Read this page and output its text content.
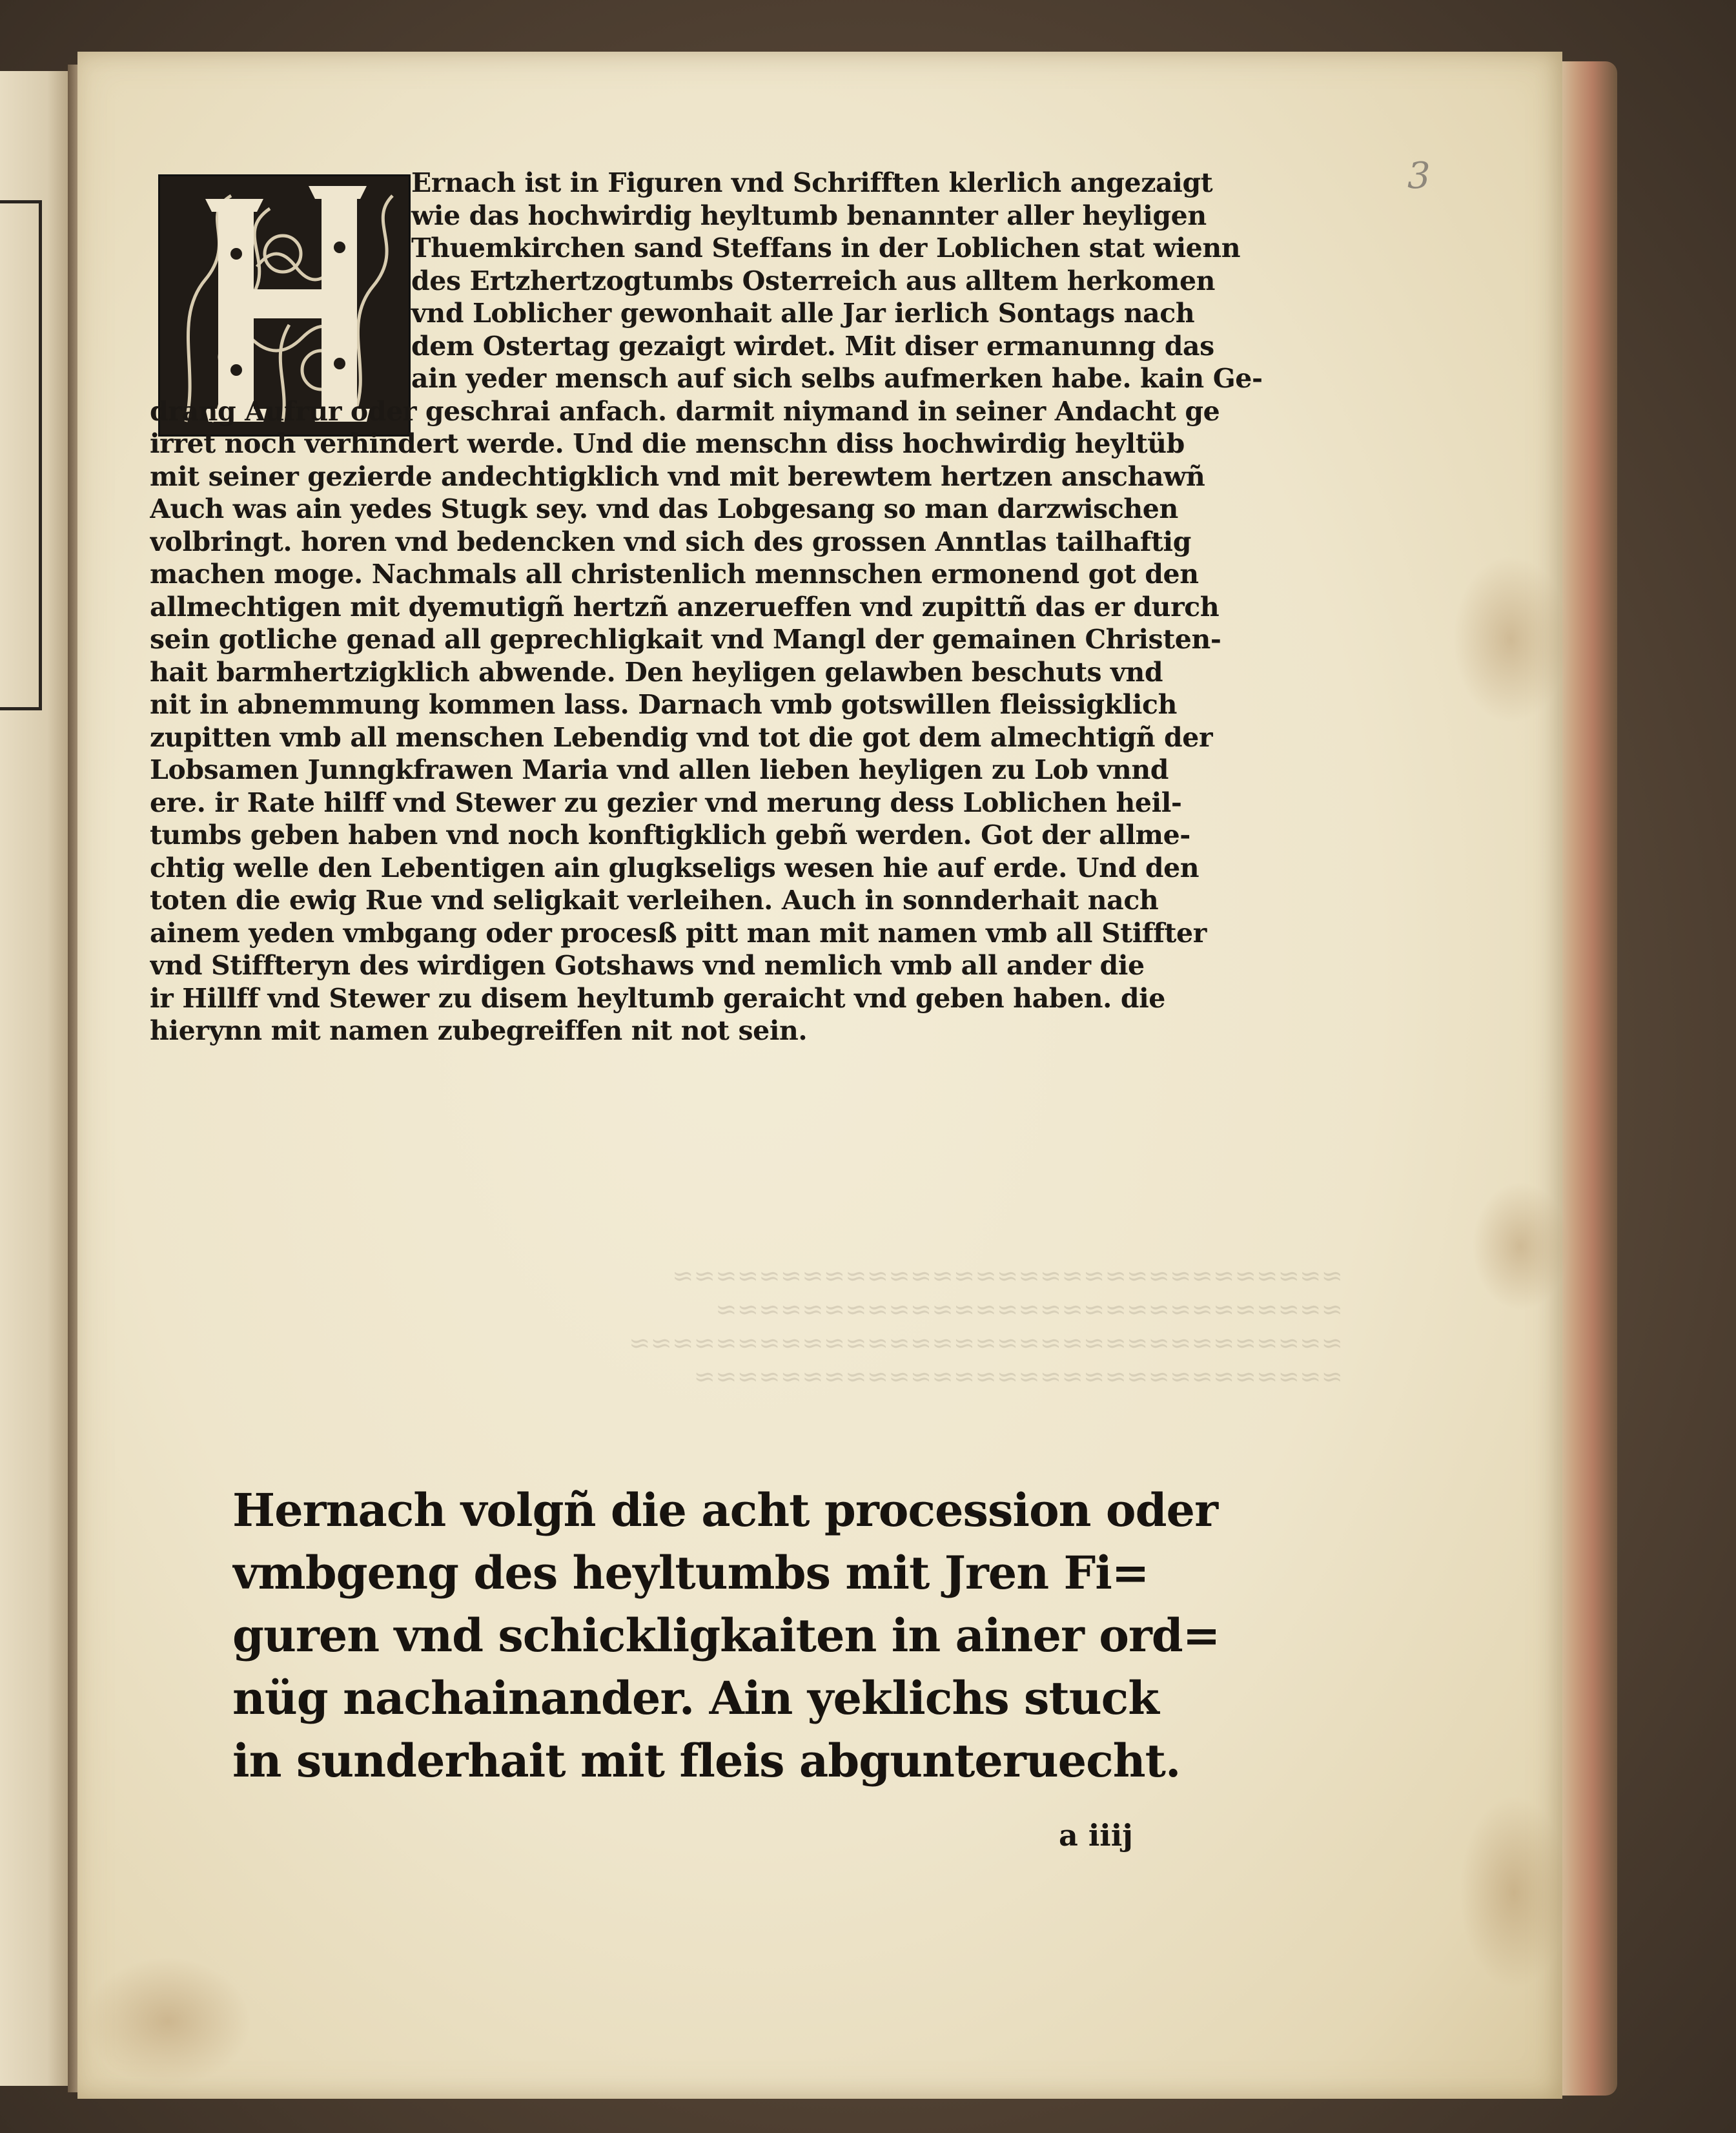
3
≈≈≈≈≈≈≈≈≈≈≈≈≈≈≈≈≈≈≈≈≈≈≈≈≈≈≈≈≈≈≈
≈≈≈≈≈≈≈≈≈≈≈≈≈≈≈≈≈≈≈≈≈≈≈≈≈≈≈≈≈
≈≈≈≈≈≈≈≈≈≈≈≈≈≈≈≈≈≈≈≈≈≈≈≈≈≈≈≈≈≈≈≈≈
≈≈≈≈≈≈≈≈≈≈≈≈≈≈≈≈≈≈≈≈≈≈≈≈≈≈≈≈≈≈
Ernach ist in Figuren vnd Schrifften klerlich angezaigt
wie das hochwirdig heyltumb benannter aller heyligen
Thuemkirchen sand Steffans in der Loblichen stat wienn
des Ertzhertzogtumbs Osterreich aus alltem herkomen
vnd Loblicher gewonhait alle Jar ierlich Sontags nach
dem Ostertag gezaigt wirdet. Mit diser ermanunng das
ain yeder mensch auf sich selbs aufmerken habe. kain Ge-
drang Aufrur oder geschrai anfach. darmit niymand in seiner Andacht ge
irret noch verhindert werde. Und die menschn diss hochwirdig heyltüb
mit seiner gezierde andechtigklich vnd mit berewtem hertzen anschawñ
Auch was ain yedes Stugk sey. vnd das Lobgesang so man darzwischen
volbringt. horen vnd bedencken vnd sich des grossen Anntlas tailhaftig
machen moge. Nachmals all christenlich mennschen ermonend got den
allmechtigen mit dyemutigñ hertzñ anzerueffen vnd zupittñ das er durch
sein gotliche genad all geprechligkait vnd Mangl der gemainen Christen-
hait barmhertzigklich abwende. Den heyligen gelawben beschuts vnd
nit in abnemmung kommen lass. Darnach vmb gotswillen fleissigklich
zupitten vmb all menschen Lebendig vnd tot die got dem almechtigñ der
Lobsamen Junngkfrawen Maria vnd allen lieben heyligen zu Lob vnnd
ere. ir Rate hilff vnd Stewer zu gezier vnd merung dess Loblichen heil-
tumbs geben haben vnd noch konftigklich gebñ werden. Got der allme-
chtig welle den Lebentigen ain glugkseligs wesen hie auf erde. Und den
toten die ewig Rue vnd seligkait verleihen. Auch in sonnderhait nach
ainem yeden vmbgang oder procesß pitt man mit namen vmb all Stiffter
vnd Stiffteryn des wirdigen Gotshaws vnd nemlich vmb all ander die
ir Hillff vnd Stewer zu disem heyltumb geraicht vnd geben haben. die
hierynn mit namen zubegreiffen nit not sein.
Hernach volgñ die acht procession oder
vmbgeng des heyltumbs mit Jren Fi=
guren vnd schickligkaiten in ainer ord=
nüg nachainander. Ain yeklichs stuck
in sunderhait mit fleis abgunteruecht.
a iiij
